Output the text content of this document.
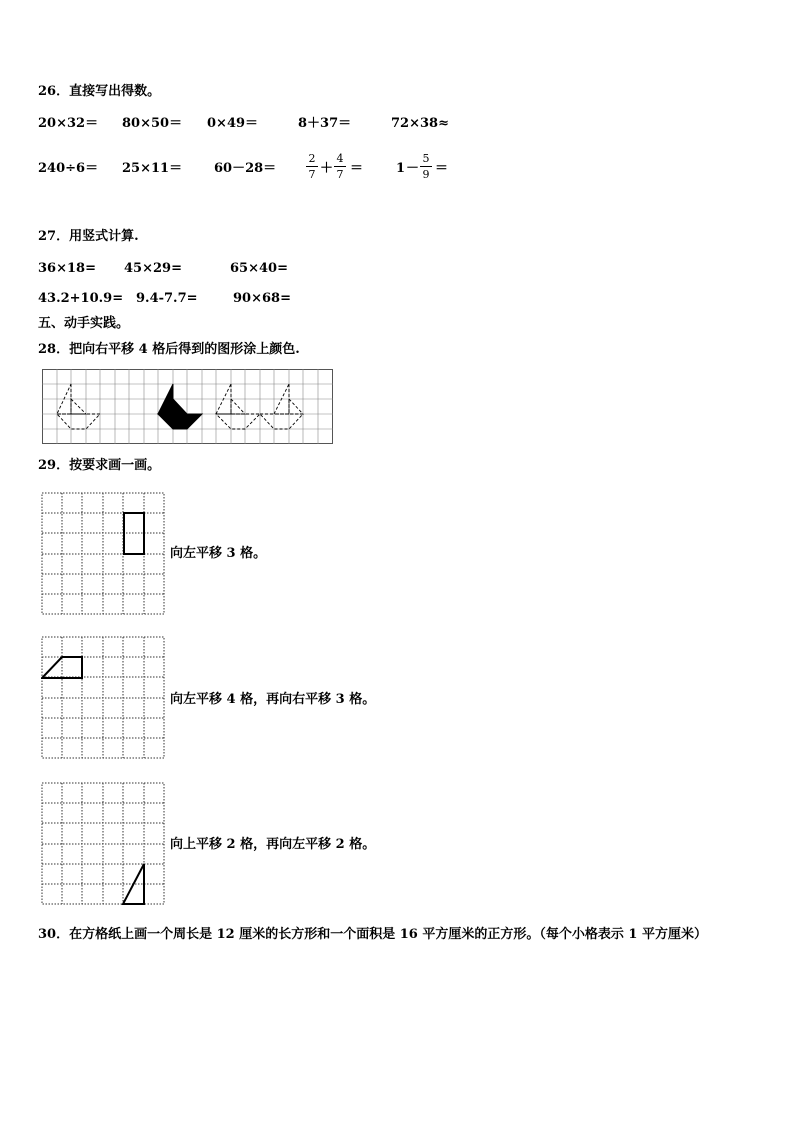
26．直接写出得数。
20×32＝ 80×50＝ 0×49＝	8＋37＝	72×38≈
240÷6＝ 25×11＝ 60－28＝
2
7 ＋
4
7 ＝	1 －
5
9 ＝
27．用竖式计算.
36×18= 45×29=	65×40=
43.2+10.9= 9.4-7.7=	90×68=
五、动手实践。
28．把向右平移 4 格后得到的图形涂上颜色.
29．按要求画一画。
向左平移 3 格。
向左平移 4 格，再向右平移 3 格。
向上平移 2 格，再向左平移 2 格。
30．在方格纸上画一个周长是 12 厘米的长方形和一个面积是 16 平方厘米的正方形。（每个小格表示 1 平方厘米）
